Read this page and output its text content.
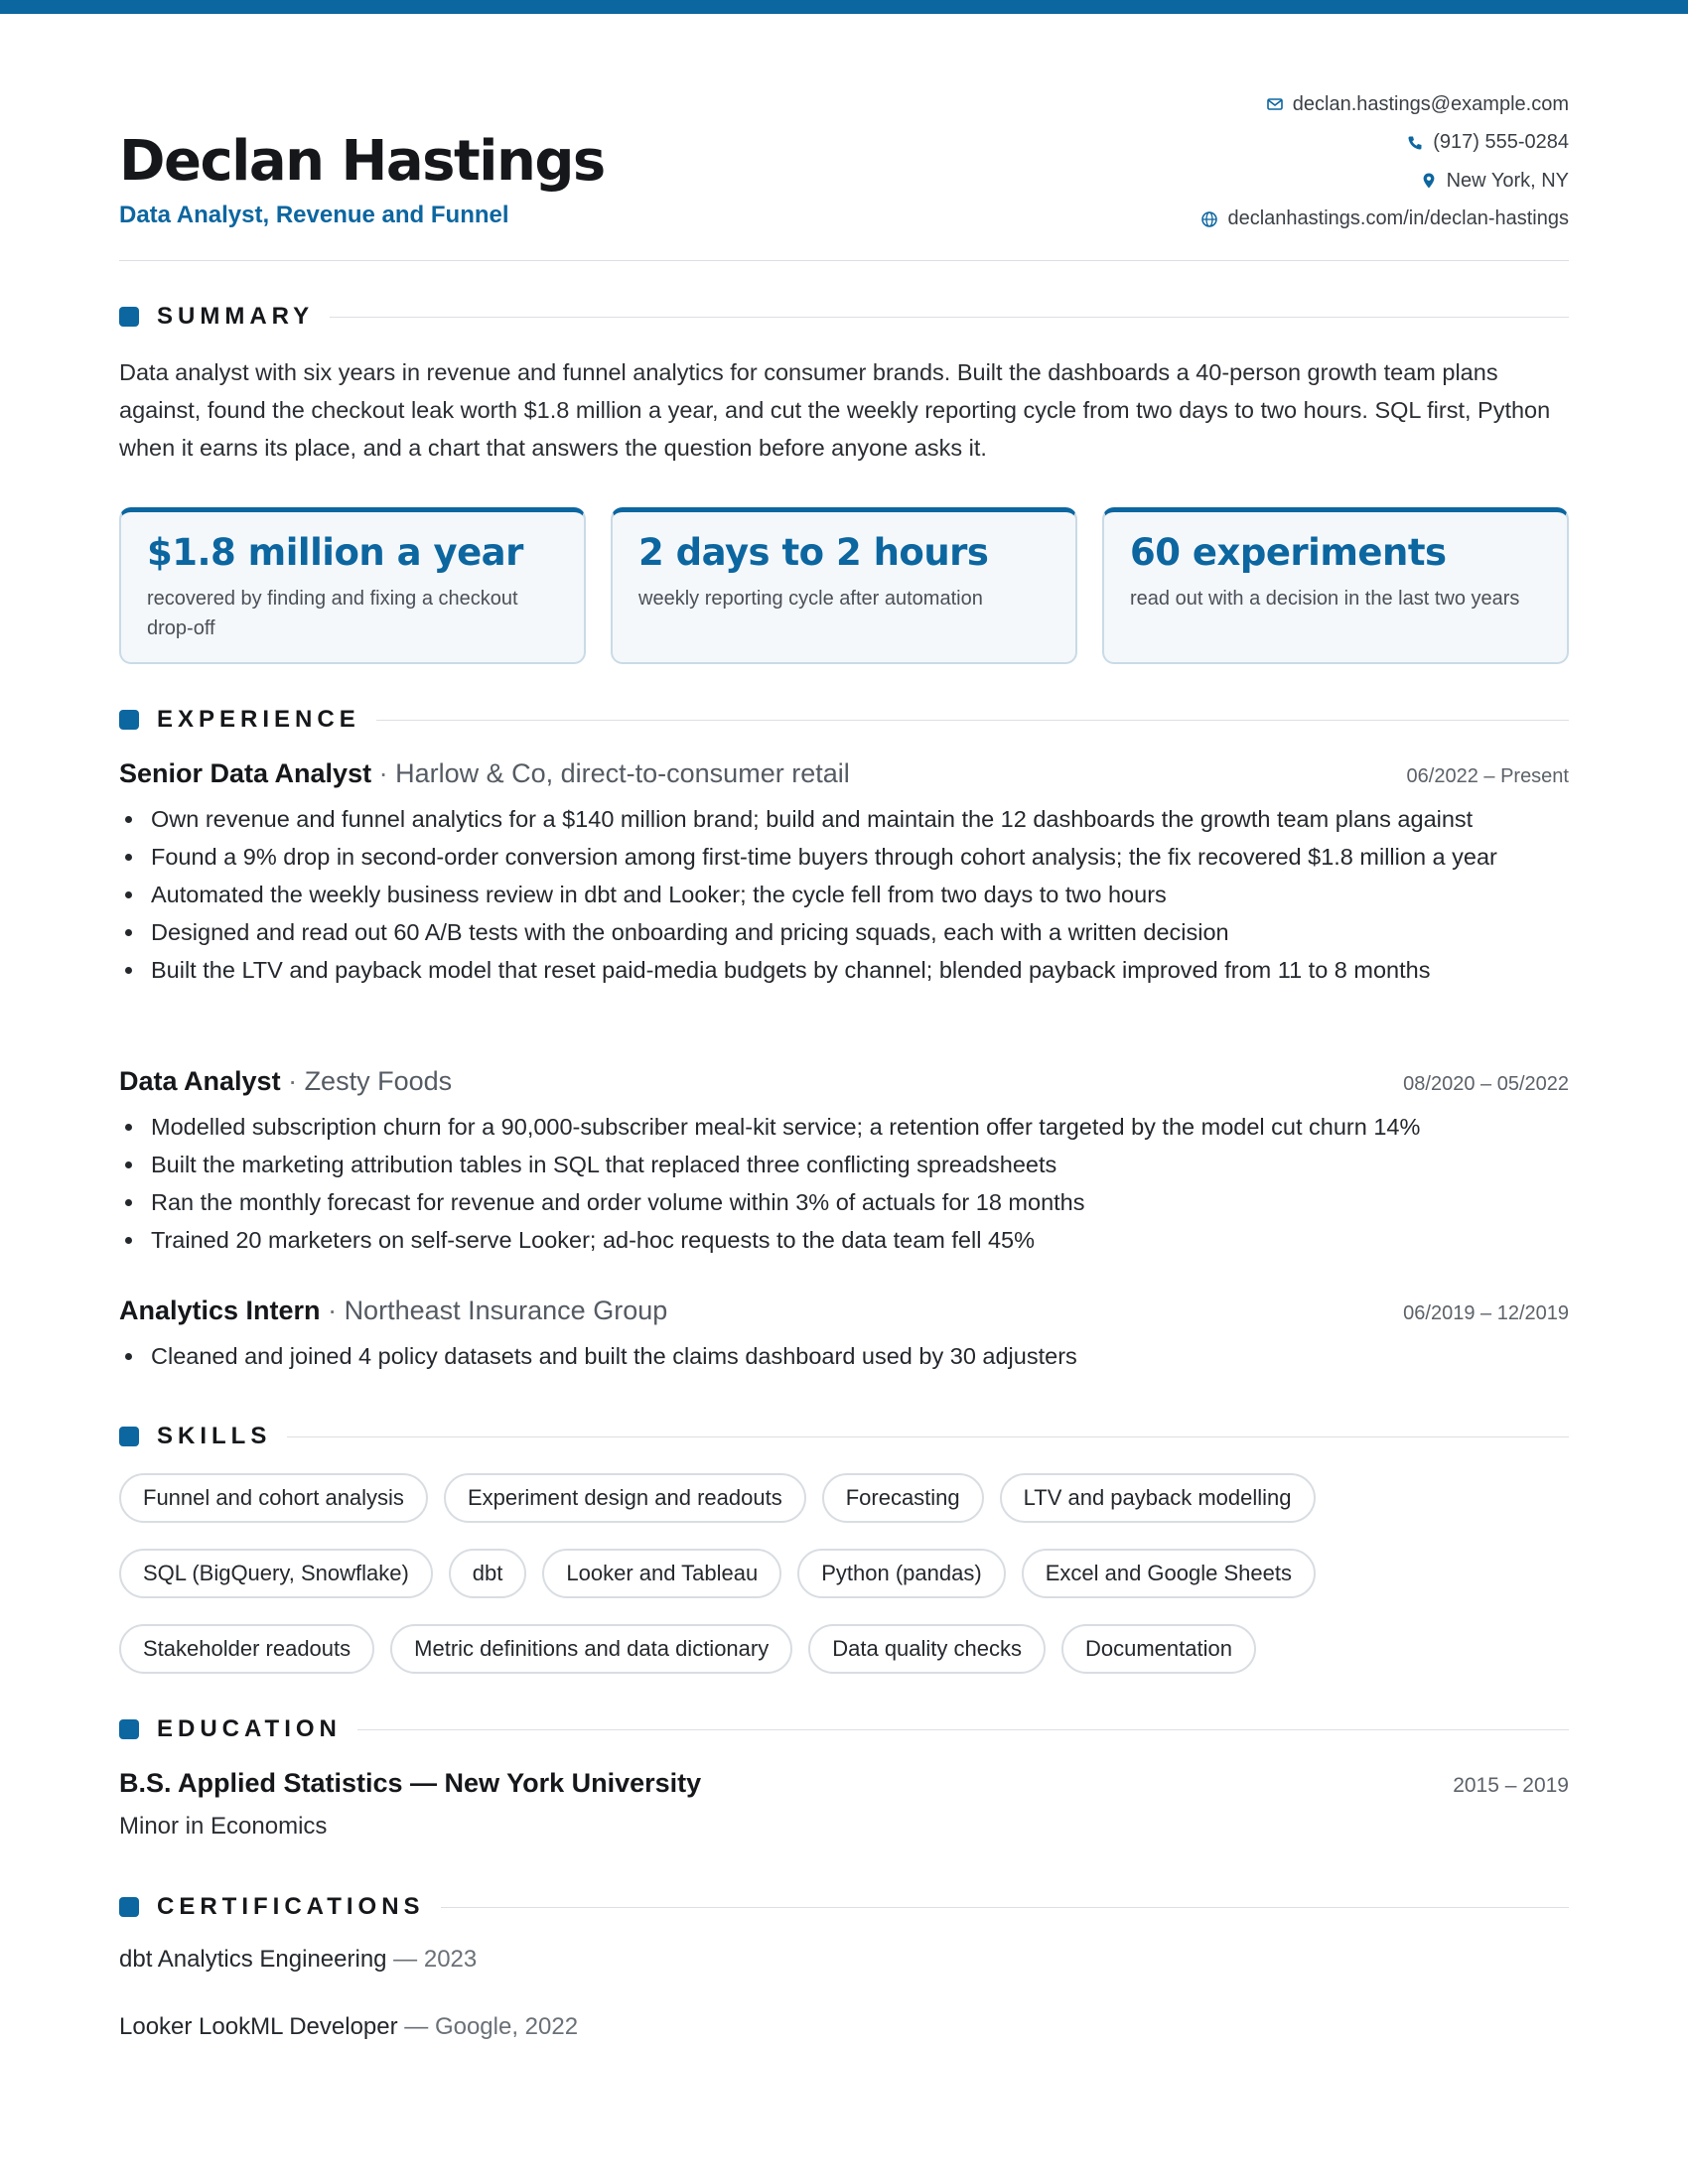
Declan Hastings
Data Analyst, Revenue and Funnel
declan.hastings@example.com
(917) 555-0284
New York, NY
declanhastings.com/in/declan-hastings
SUMMARY

Data analyst with six years in revenue and funnel analytics for consumer brands. Built the dashboards a 40-person growth team plans against, found the checkout leak worth $1.8 million a year, and cut the weekly reporting cycle from two days to two hours. SQL first, Python when it earns its place, and a chart that answers the question before anyone asks it.

$1.8 million a year
recovered by finding and fixing a checkout drop-off
2 days to 2 hours
weekly reporting cycle after automation
60 experiments
read out with a decision in the last two years
EXPERIENCE
Senior Data Analyst · Harlow & Co, direct-to-consumer retail	06/2022 – Present
Own revenue and funnel analytics for a $140 million brand; build and maintain the 12 dashboards the growth team plans against
Found a 9% drop in second-order conversion among first-time buyers through cohort analysis; the fix recovered $1.8 million a year
Automated the weekly business review in dbt and Looker; the cycle fell from two days to two hours
Designed and read out 60 A/B tests with the onboarding and pricing squads, each with a written decision
Built the LTV and payback model that reset paid-media budgets by channel; blended payback improved from 11 to 8 months
Data Analyst · Zesty Foods	08/2020 – 05/2022
Modelled subscription churn for a 90,000-subscriber meal-kit service; a retention offer targeted by the model cut churn 14%
Built the marketing attribution tables in SQL that replaced three conflicting spreadsheets
Ran the monthly forecast for revenue and order volume within 3% of actuals for 18 months
Trained 20 marketers on self-serve Looker; ad-hoc requests to the data team fell 45%
Analytics Intern · Northeast Insurance Group	06/2019 – 12/2019
Cleaned and joined 4 policy datasets and built the claims dashboard used by 30 adjusters
SKILLS
Funnel and cohort analysis	Experiment design and readouts	Forecasting	LTV and payback modelling
SQL (BigQuery, Snowflake)	dbt	Looker and Tableau	Python (pandas)	Excel and Google Sheets
Stakeholder readouts	Metric definitions and data dictionary	Data quality checks	Documentation
EDUCATION
B.S. Applied Statistics — New York University	2015 – 2019
Minor in Economics
CERTIFICATIONS
dbt Analytics Engineering — 2023
Looker LookML Developer — Google, 2022
